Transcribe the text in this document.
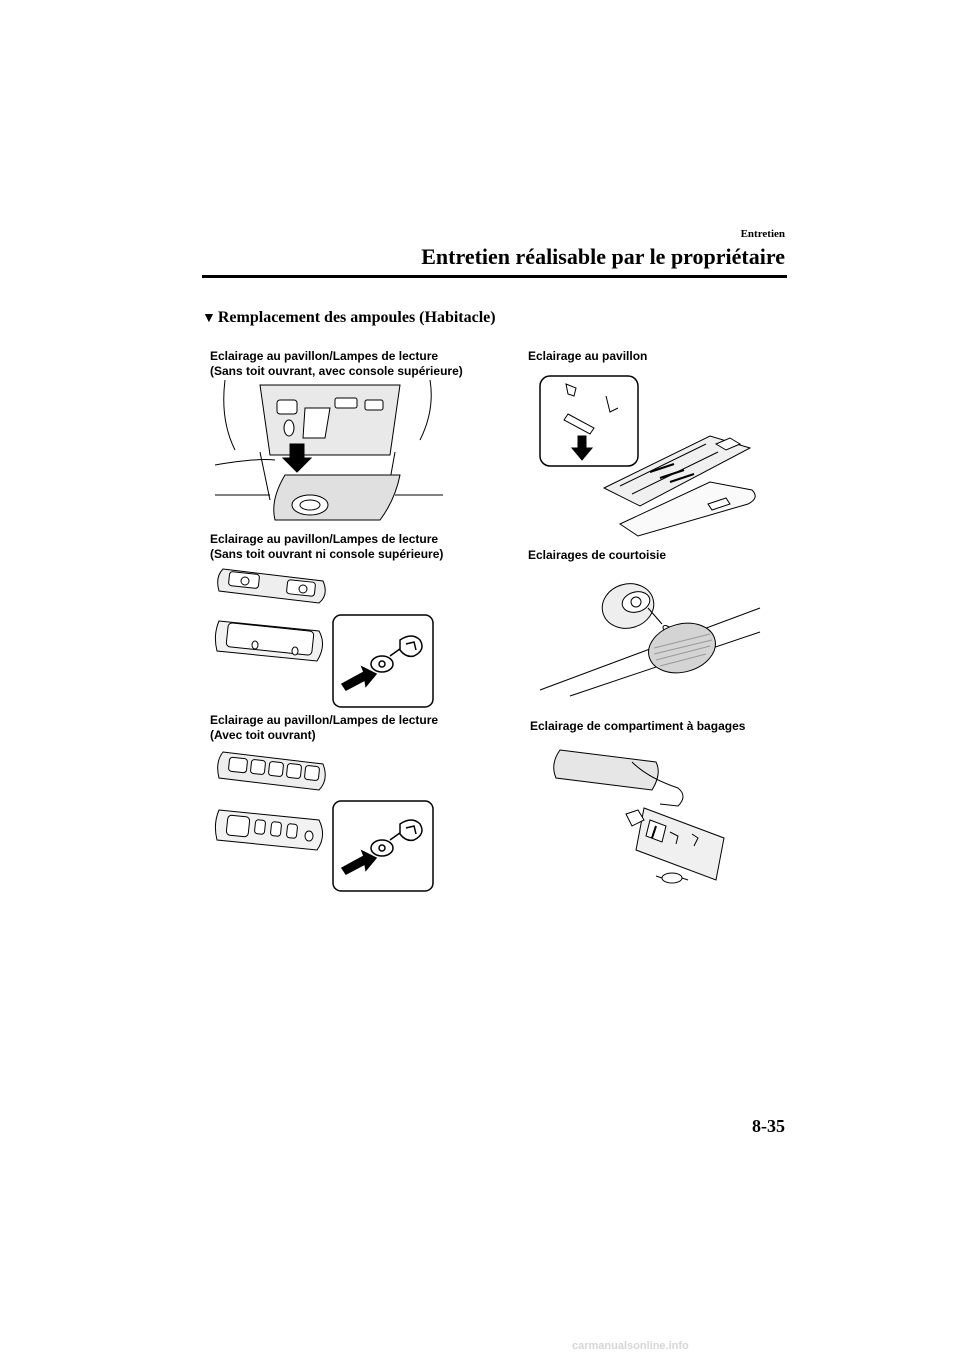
Entretien
Entretien réalisable par le propriétaire
▼ Remplacement des ampoules (Habitacle)
Eclairage au pavillon/Lampes de lecture
(Sans toit ouvrant, avec console supérieure)
Eclairage au pavillon/Lampes de lecture
(Sans toit ouvrant ni console supérieure)
Eclairage au pavillon/Lampes de lecture
(Avec toit ouvrant)
Eclairage au pavillon
Eclairages de courtoisie
Eclairage de compartiment à bagages
8-35
carmanualsonline.info
